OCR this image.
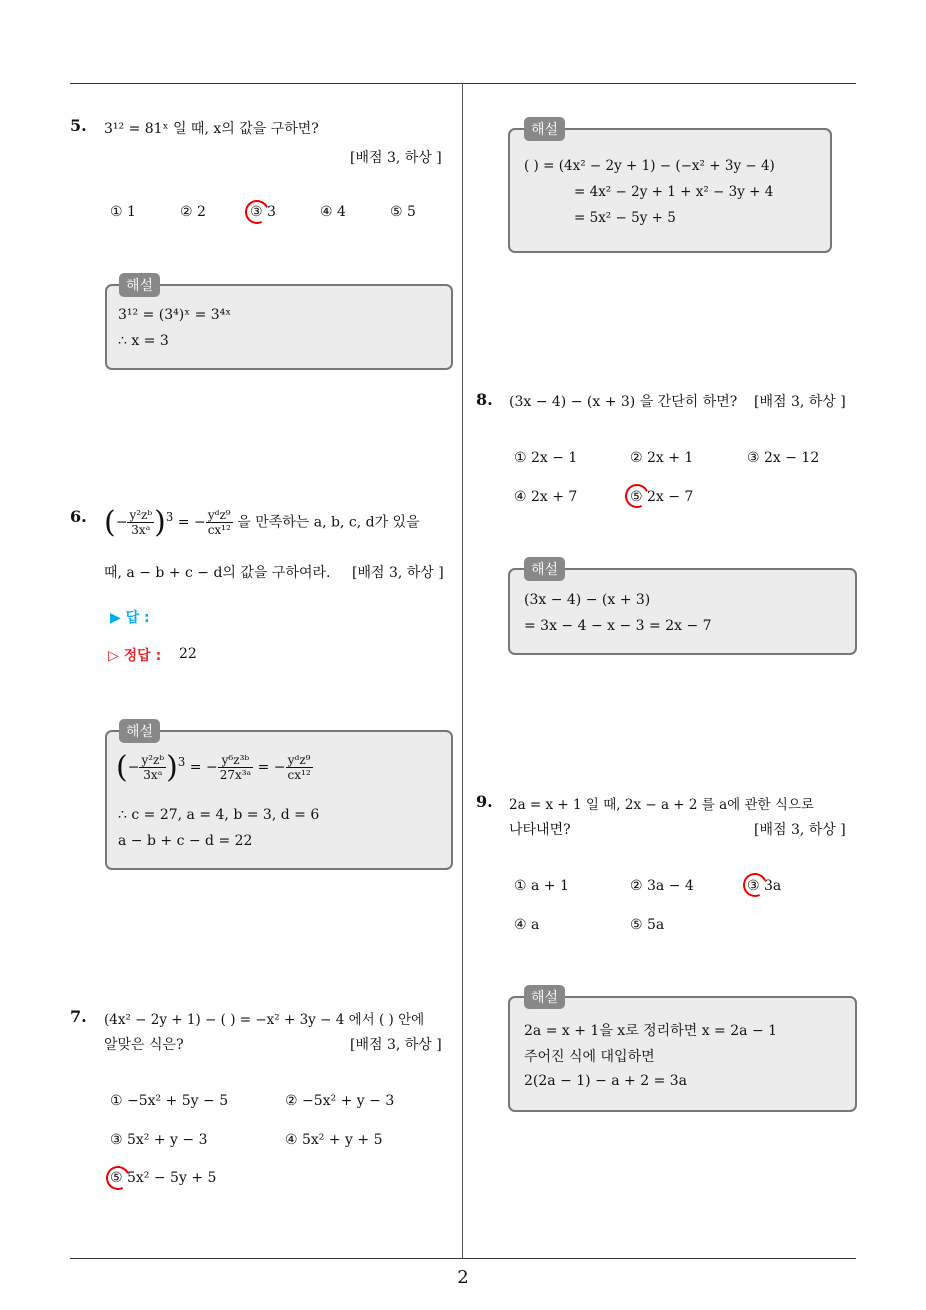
5. 3¹² = 81ˣ 일 때, x의 값을 구하면?
[배점 3, 하상 ]
① 1	② 2	③ 3	④ 4	⑤ 5
3¹² = (3⁴)ˣ = 3⁴ˣ
∴ x = 3
해설
6. (− $\frac{\text{y²zᵇ}}{\text{3xᵃ}} )^3$ = − $\frac{\text{yᵈz⁹}}{\text{cx¹²}}$ 을 만족하는 a, b, c, d가 있을
때, a − b + c − d의 값을 구하여라. [배점 3, 하상 ]
▶ 답 :
▷ 정답 : 22
(− $\frac{\text{y²zᵇ}}{\text{3xᵃ}} )^3$ = − $\frac{\text{y⁶z³ᵇ}}{\text{27x³ᵃ}}$ = − $\frac{\text{yᵈz⁹}}{\text{cx¹²}}$
∴ c = 27, a = 4, b = 3, d = 6
a − b + c − d = 22
해설
7. (4x² − 2y + 1) − ( ) = −x² + 3y − 4 에서 ( ) 안에
알맞은 식은?	[배점 3, 하상 ]
① −5x² + 5y − 5	② −5x² + y − 3
③ 5x² + y − 3	④ 5x² + y + 5
⑤ 5x² − 5y + 5
( ) = (4x² − 2y + 1) − (−x² + 3y − 4)
= 4x² − 2y + 1 + x² − 3y + 4
= 5x² − 5y + 5
해설
8. (3x − 4) − (x + 3) 을 간단히 하면? [배점 3, 하상 ]
① 2x − 1	② 2x + 1	③ 2x − 12
④ 2x + 7	⑤ 2x − 7
(3x − 4) − (x + 3)
= 3x − 4 − x − 3 = 2x − 7
해설
9. 2a = x + 1 일 때, 2x − a + 2 를 a에 관한 식으로
나타내면?	[배점 3, 하상 ]
① a + 1	② 3a − 4	③ 3a
④ a	⑤ 5a
2a = x + 1을 x로 정리하면 x = 2a − 1
주어진 식에 대입하면
2(2a − 1) − a + 2 = 3a
해설
2
